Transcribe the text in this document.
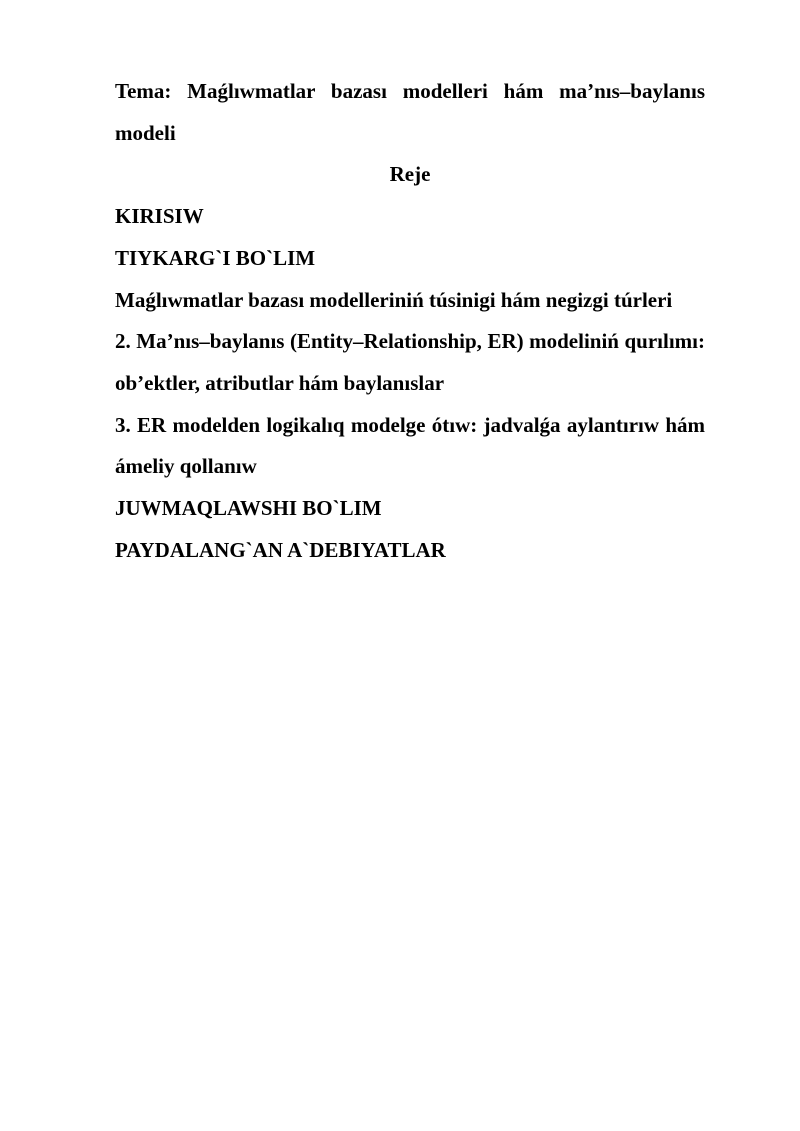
Tema: Maǵlıwmatlar bazası modelleri hám ma’nıs–baylanıs modeli

Reje

KIRISIW

TIYKARG`I BO`LIM

Maǵlıwmatlar bazası modelleriniń túsinigi hám negizgi túrleri

2. Ma’nıs–baylanıs (Entity–Relationship, ER) modeliniń qurılımı: ob’ektler, atributlar hám baylanıslar

3. ER modelden logikalıq modelge ótıw: jadvalǵa aylantırıw hám ámeliy qollanıw

JUWMAQLAWSHI BO`LIM

PAYDALANG`AN A`DEBIYATLAR
